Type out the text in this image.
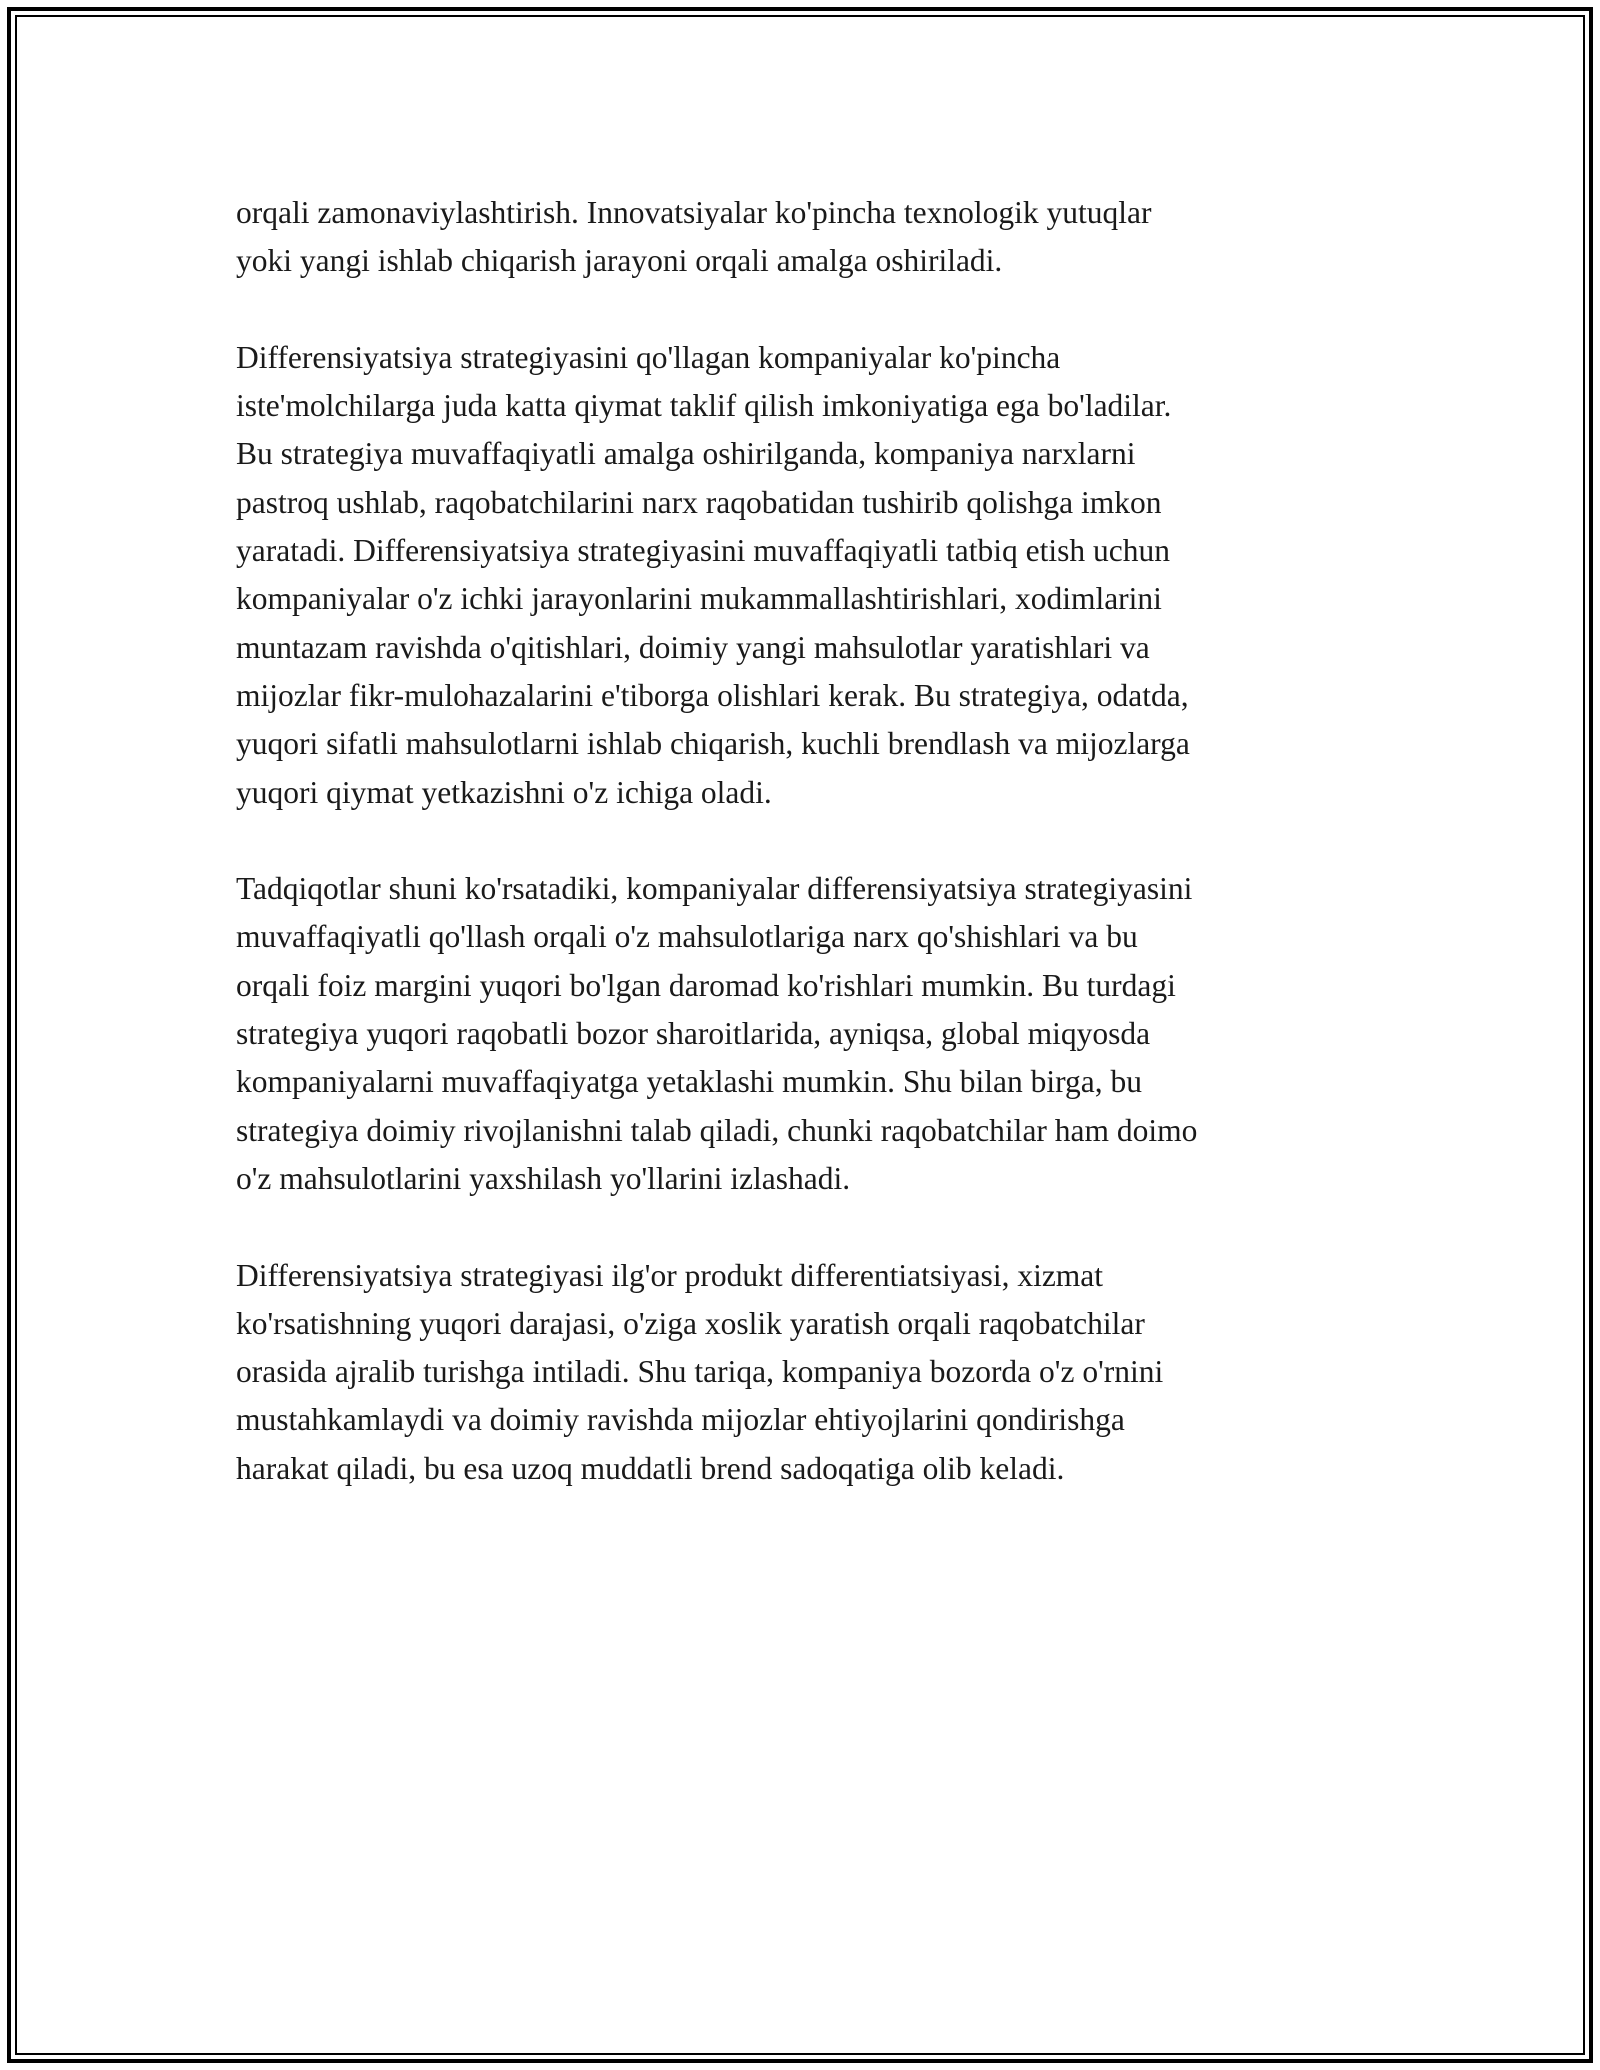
orqali zamonaviylashtirish. Innovatsiyalar ko'pincha texnologik yutuqlar
yoki yangi ishlab chiqarish jarayoni orqali amalga oshiriladi.

Differensiyatsiya strategiyasini qo'llagan kompaniyalar ko'pincha
iste'molchilarga juda katta qiymat taklif qilish imkoniyatiga ega bo'ladilar.
Bu strategiya muvaffaqiyatli amalga oshirilganda, kompaniya narxlarni
pastroq ushlab, raqobatchilarini narx raqobatidan tushirib qolishga imkon
yaratadi. Differensiyatsiya strategiyasini muvaffaqiyatli tatbiq etish uchun
kompaniyalar o'z ichki jarayonlarini mukammallashtirishlari, xodimlarini
muntazam ravishda o'qitishlari, doimiy yangi mahsulotlar yaratishlari va
mijozlar fikr-mulohazalarini e'tiborga olishlari kerak. Bu strategiya, odatda,
yuqori sifatli mahsulotlarni ishlab chiqarish, kuchli brendlash va mijozlarga
yuqori qiymat yetkazishni o'z ichiga oladi.

Tadqiqotlar shuni ko'rsatadiki, kompaniyalar differensiyatsiya strategiyasini
muvaffaqiyatli qo'llash orqali o'z mahsulotlariga narx qo'shishlari va bu
orqali foiz margini yuqori bo'lgan daromad ko'rishlari mumkin. Bu turdagi
strategiya yuqori raqobatli bozor sharoitlarida, ayniqsa, global miqyosda
kompaniyalarni muvaffaqiyatga yetaklashi mumkin. Shu bilan birga, bu
strategiya doimiy rivojlanishni talab qiladi, chunki raqobatchilar ham doimo
o'z mahsulotlarini yaxshilash yo'llarini izlashadi.

Differensiyatsiya strategiyasi ilg'or produkt differentiatsiyasi, xizmat
ko'rsatishning yuqori darajasi, o'ziga xoslik yaratish orqali raqobatchilar
orasida ajralib turishga intiladi. Shu tariqa, kompaniya bozorda o'z o'rnini
mustahkamlaydi va doimiy ravishda mijozlar ehtiyojlarini qondirishga
harakat qiladi, bu esa uzoq muddatli brend sadoqatiga olib keladi.
